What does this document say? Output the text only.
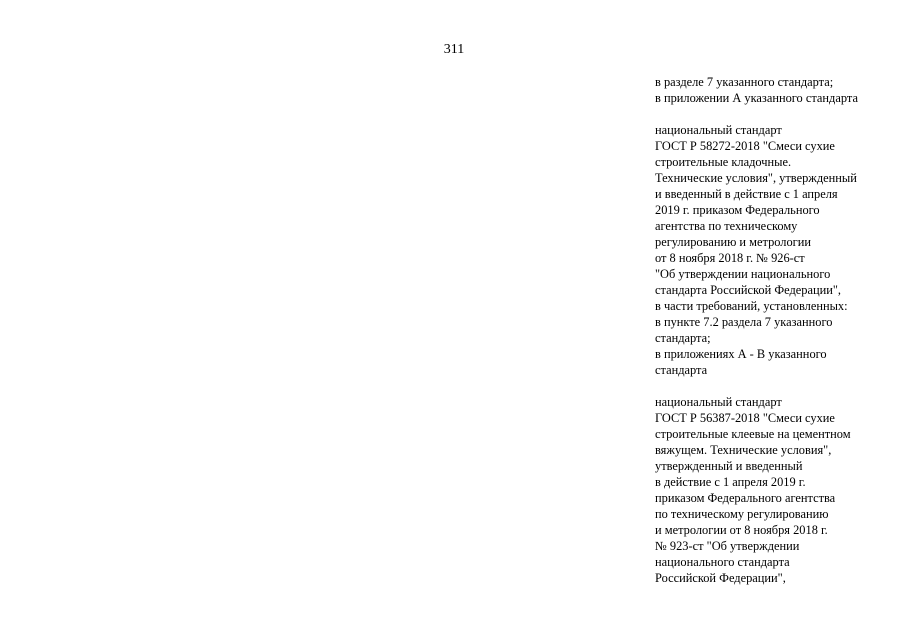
311

в разделе 7 указанного стандарта;
в приложении А указанного стандарта

национальный стандарт
ГОСТ Р 58272-2018 "Смеси сухие
строительные кладочные.
Технические условия", утвержденный
и введенный в действие с 1 апреля
2019 г. приказом Федерального
агентства по техническому
регулированию и метрологии
от 8 ноября 2018 г. № 926-ст
"Об утверждении национального
стандарта Российской Федерации",
в части требований, установленных:
в пункте 7.2 раздела 7 указанного
стандарта;
в приложениях А - В указанного
стандарта

национальный стандарт
ГОСТ Р 56387-2018 "Смеси сухие
строительные клеевые на цементном
вяжущем. Технические условия",
утвержденный и введенный
в действие с 1 апреля 2019 г.
приказом Федерального агентства
по техническому регулированию
и метрологии от 8 ноября 2018 г.
№ 923-ст "Об утверждении
национального стандарта
Российской Федерации",
